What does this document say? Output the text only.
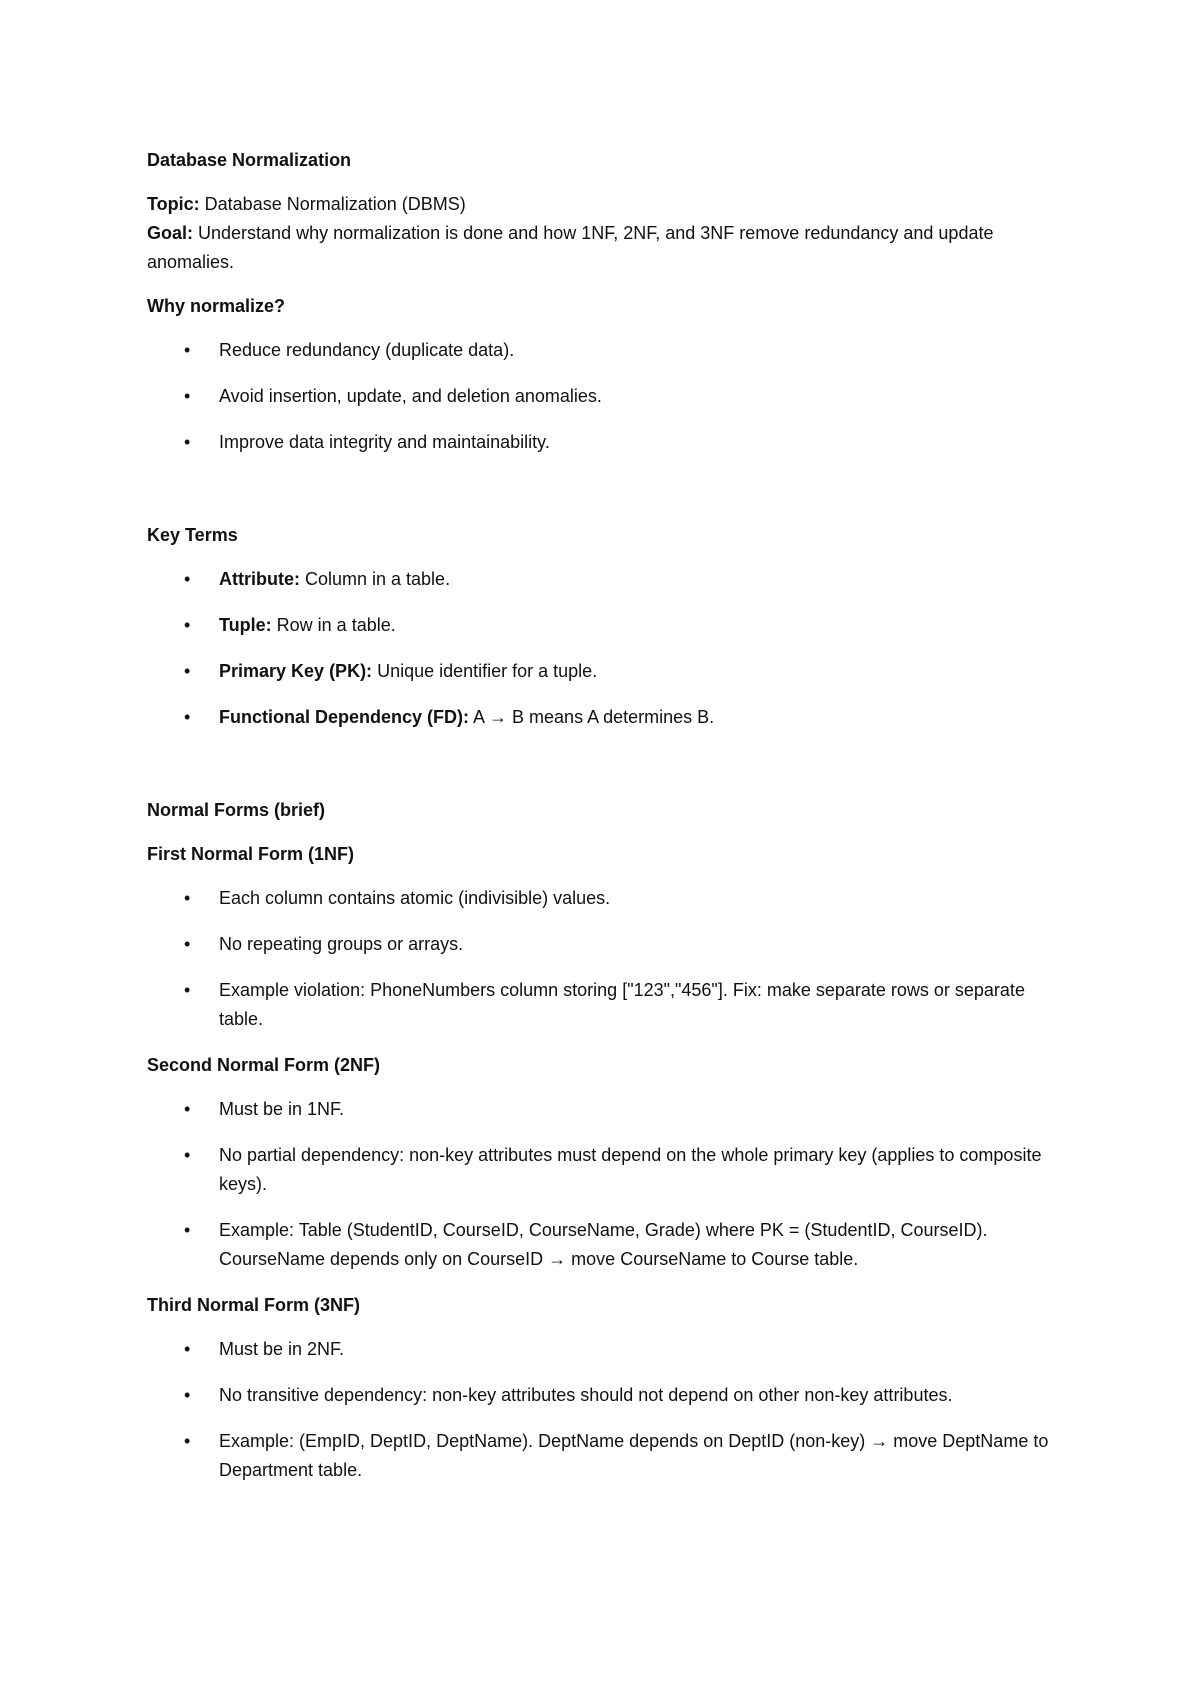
Database Normalization

Topic: Database Normalization (DBMS)

Goal: Understand why normalization is done and how 1NF, 2NF, and 3NF remove redundancy and update anomalies.

Why normalize?

• Reduce redundancy (duplicate data).
• Avoid insertion, update, and deletion anomalies.
• Improve data integrity and maintainability.

Key Terms

• Attribute: Column in a table.
• Tuple: Row in a table.
• Primary Key (PK): Unique identifier for a tuple.
• Functional Dependency (FD): A → B means A determines B.

Normal Forms (brief)

First Normal Form (1NF)

• Each column contains atomic (indivisible) values.
• No repeating groups or arrays.
• Example violation: PhoneNumbers column storing ["123","456"]. Fix: make separate rows or separate table.

Second Normal Form (2NF)

• Must be in 1NF.
• No partial dependency: non-key attributes must depend on the whole primary key (applies to composite keys).
• Example: Table (StudentID, CourseID, CourseName, Grade) where PK = (StudentID, CourseID). CourseName depends only on CourseID → move CourseName to Course table.

Third Normal Form (3NF)

• Must be in 2NF.
• No transitive dependency: non-key attributes should not depend on other non-key attributes.
• Example: (EmpID, DeptID, DeptName). DeptName depends on DeptID (non-key) → move DeptName to Department table.
